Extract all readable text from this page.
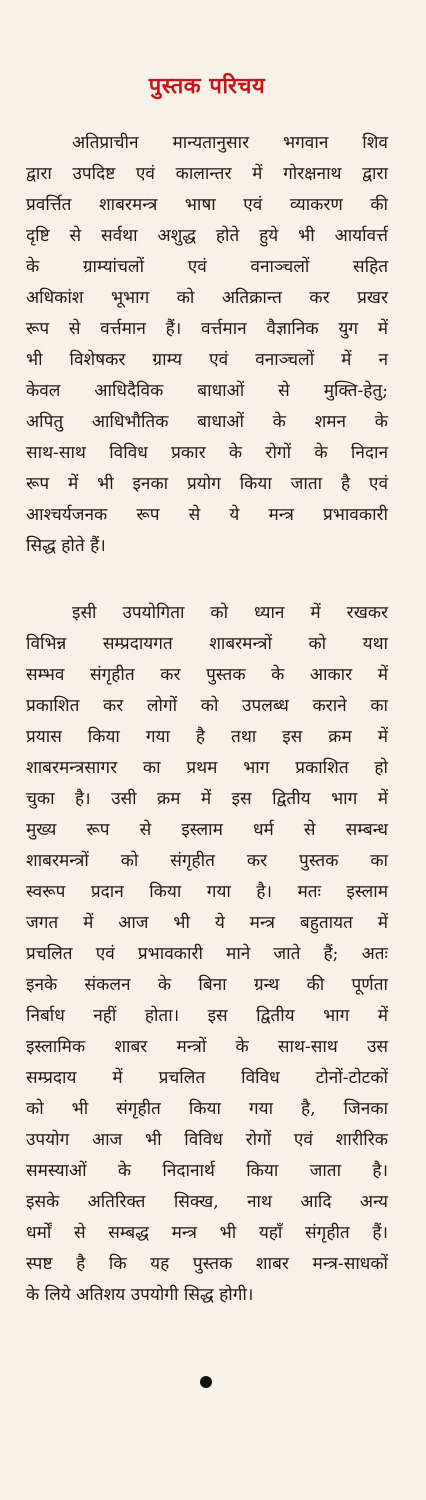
पुस्तक परिचय
अतिप्राचीन मान्यतानुसार भगवान शिव
द्वारा उपदिष्ट एवं कालान्तर में गोरक्षनाथ द्वारा
प्रवर्त्तित शाबरमन्त्र भाषा एवं व्याकरण की
दृष्टि से सर्वथा अशुद्ध होते हुये भी आर्यावर्त्त
के ग्राम्यांचलों एवं वनाञ्चलों सहित
अधिकांश भूभाग को अतिक्रान्त कर प्रखर
रूप से वर्त्तमान हैं। वर्त्तमान वैज्ञानिक युग में
भी विशेषकर ग्राम्य एवं वनाञ्चलों में न
केवल आधिदैविक बाधाओं से मुक्ति-हेतु;
अपितु आधिभौतिक बाधाओं के शमन के
साथ-साथ विविध प्रकार के रोगों के निदान
रूप में भी इनका प्रयोग किया जाता है एवं
आश्चर्यजनक रूप से ये मन्त्र प्रभावकारी
सिद्ध होते हैं।
इसी उपयोगिता को ध्यान में रखकर
विभिन्न सम्प्रदायगत शाबरमन्त्रों को यथा
सम्भव संगृहीत कर पुस्तक के आकार में
प्रकाशित कर लोगों को उपलब्ध कराने का
प्रयास किया गया है तथा इस क्रम में
शाबरमन्त्रसागर का प्रथम भाग प्रकाशित हो
चुका है। उसी क्रम में इस द्वितीय भाग में
मुख्य रूप से इस्लाम धर्म से सम्बन्ध
शाबरमन्त्रों को संगृहीत कर पुस्तक का
स्वरूप प्रदान किया गया है। मतः इस्लाम
जगत में आज भी ये मन्त्र बहुतायत में
प्रचलित एवं प्रभावकारी माने जाते हैं; अतः
इनके संकलन के बिना ग्रन्थ की पूर्णता
निर्बाध नहीं होता। इस द्वितीय भाग में
इस्लामिक शाबर मन्त्रों के साथ-साथ उस
सम्प्रदाय में प्रचलित विविध टोनों-टोटकों
को भी संगृहीत किया गया है, जिनका
उपयोग आज भी विविध रोगों एवं शारीरिक
समस्याओं के निदानार्थ किया जाता है।
इसके अतिरिक्त सिक्ख, नाथ आदि अन्य
धर्मों से सम्बद्ध मन्त्र भी यहाँ संगृहीत हैं।
स्पष्ट है कि यह पुस्तक शाबर मन्त्र-साधकों
के लिये अतिशय उपयोगी सिद्ध होगी।
